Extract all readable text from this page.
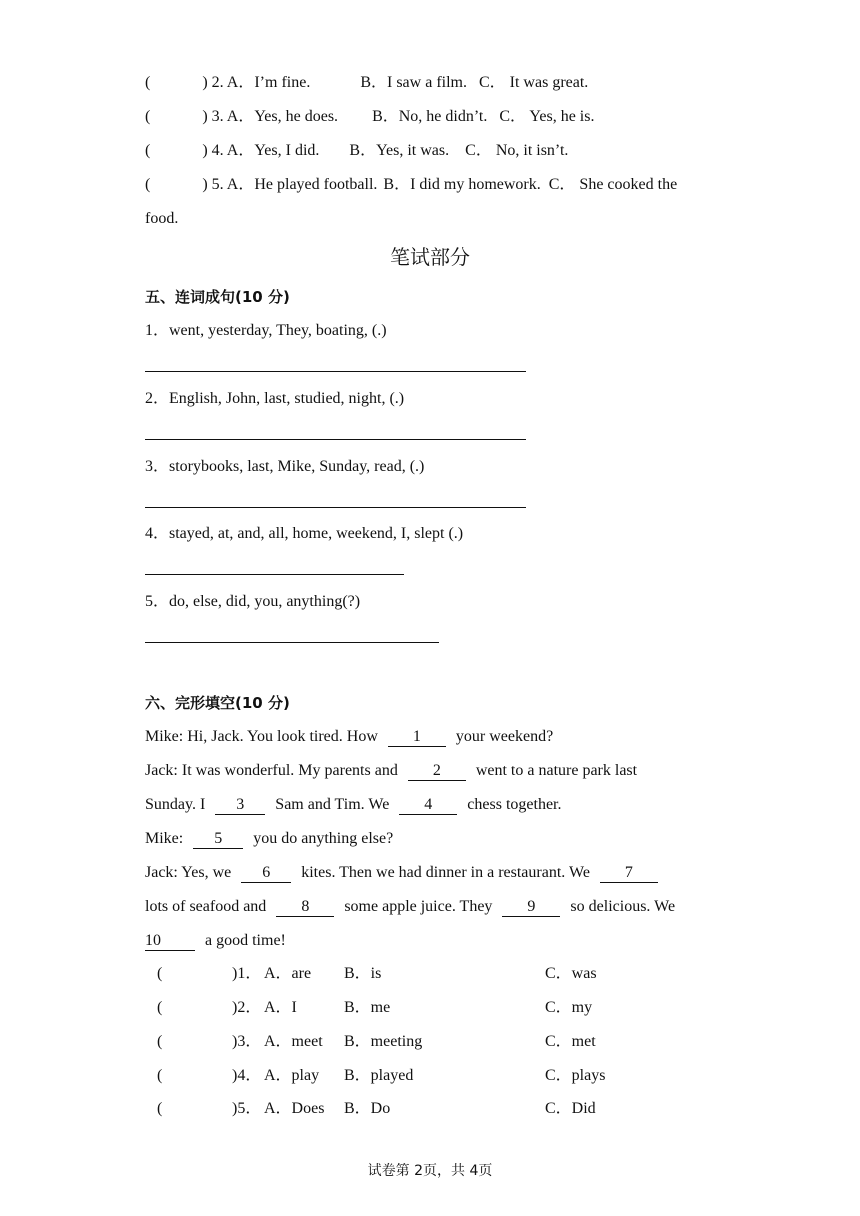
(	) 2. A．I’m fine.	B．I saw a film. C． It was great.
(	) 3. A．Yes, he does. B．No, he didn’t. C． Yes, he is.
(	) 4. A．Yes, I did. B．Yes, it was. C． No, it isn’t.
(	) 5. A．He played football. B．I did my homework. C． She cooked the
food.
笔试部分
五、连词成句(10 分)
1．went, yesterday, They, boating, (.)
2．English, John, last, studied, night, (.)
3．storybooks, last, Mike, Sunday, read, (.)
4．stayed, at, and, all, home, weekend, I, slept (.)
5．do, else, did, you, anything(?)
六、完形填空(10 分)
Mike: Hi, Jack. You look tired. How 1 your weekend?
Jack: It was wonderful. My parents and 2 went to a nature park last
Sunday. I 3 Sam and Tim. We 4 chess together.
Mike: 5 you do anything else?
Jack: Yes, we 6 kites. Then we had dinner in a restaurant. We 7
lots of seafood and 8 some apple juice. They 9 so delicious. We
10	a good time!
(	)1． A．are B．is	C．was
(	)2． A．I	B．me	C．my
(	)3． A．meet B．meeting	C．met
(	)4． A．play B．played	C．plays
(	)5． A．Does B．Do	C．Did
试卷第 2页，共 4页
